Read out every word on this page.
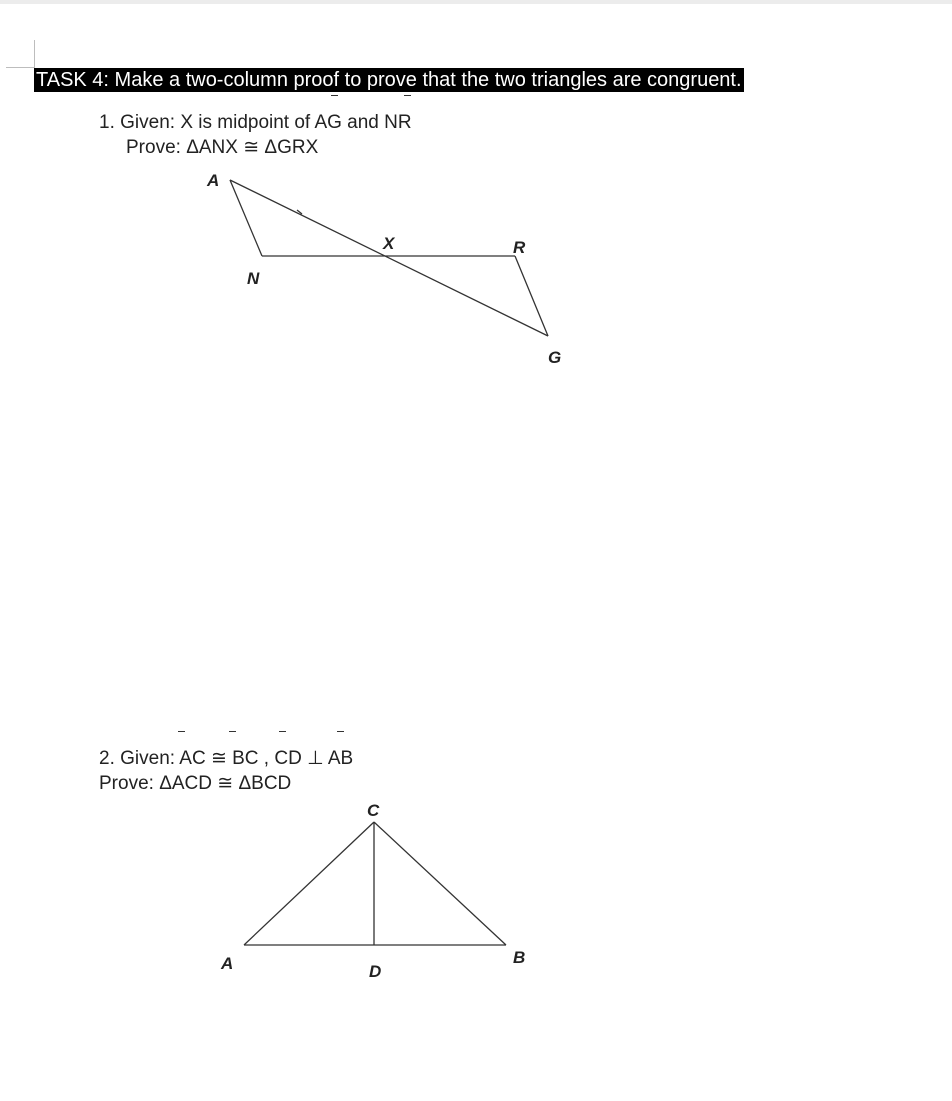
TASK 4: Make a two-column proof to prove that the two triangles are congruent.
1. Given: X is midpoint of AG and NR
Prove: ΔANX ≅ ΔGRX
A
X	R
N
G
C
A	D
B
2. Given: AC ≅ BC , CD ⊥ AB
Prove: ΔACD ≅ ΔBCD
